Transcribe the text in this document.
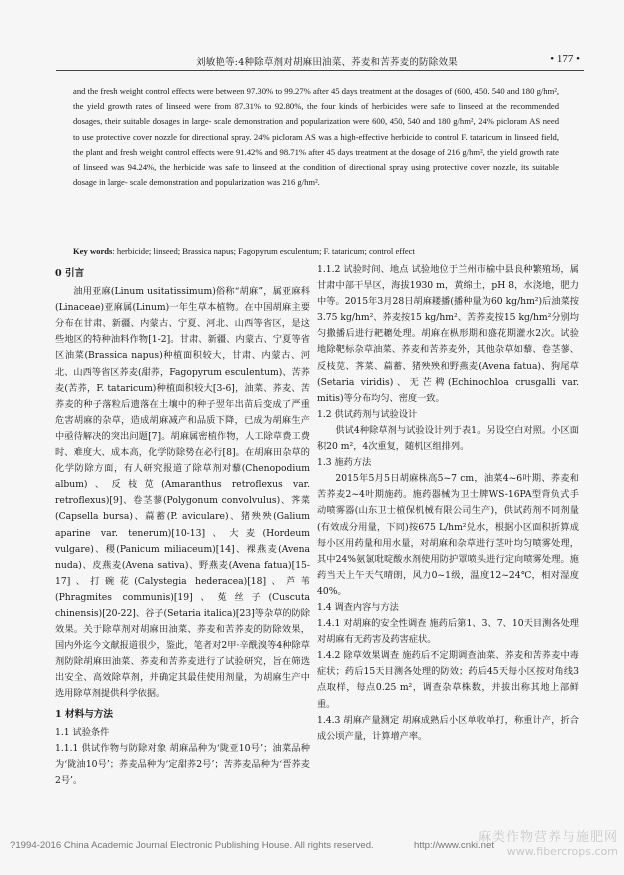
刘敏艳等:4种除草剂对胡麻田油菜、荞麦和苦荞麦的防除效果	• 177 •

and the fresh weight control effects were between 97.30% to 99.27% after 45 days treatment at the dosages of (600, 450. 540 and 180 g/hm², the yield growth rates of linseed were from 87.31% to 92.80%, the four kinds of herbicides were safe to linseed at the recommended dosages, their suitable dosages in large- scale demonstration and popularization were 600, 450, 540 and 180 g/hm², 24% picloram AS need to use protective cover nozzle for directional spray. 24% picloram AS was a high-effective herbicide to control F. tataricum in linseed field, the plant and fresh weight control effects were 91.42% and 98.71% after 45 days treatment at the dosage of 216 g/hm², the yield growth rate of linseed was 94.24%, the herbicide was safe to linseed at the condition of directional spray using protective cover nozzle, its suitable dosage in large- scale demonstration and popularization was 216 g/hm².

Key words: herbicide; linseed; Brassica napus; Fagopyrum esculentum; F. tataricum; control effect

0 引言

油用亚麻(Linum usitatissimum)俗称“胡麻”，属亚麻科(Linaceae)亚麻属(Linum)一年生草本植物。在中国胡麻主要分布在甘肃、新疆、内蒙古、宁夏、河北、山西等省区，是这些地区的特种油料作物[1-2]。甘肃、新疆、内蒙古、宁夏等省区油菜(Brassica napus)种植面积较大，甘肃、内蒙古、河北、山西等省区荞麦(甜荞，Fagopyrum esculentum)、苦荞麦(苦荞，F. tataricum)种植面积较大[3-6]，油菜、荞麦、苦荞麦的种子落粒后遗落在土壤中的种子翌年出苗后变成了严重危害胡麻的杂草，造成胡麻减产和品质下降，已成为胡麻生产中亟待解决的突出问题[7]。胡麻属密植作物，人工除草费工费时、难度大、成本高，化学防除势在必行[8]。在胡麻田杂草的化学防除方面，有人研究报道了除草剂对藜(Chenopodium album)、反枝苋(Amaranthus retroflexus var. retroflexus)[9]、卷茎蓼(Polygonum convolvulus)、荠菜(Capsella bursa)、萹蓄(P. aviculare)、猪殃殃(Galium aparine var. tenerum)[10-13]、大麦(Hordeum vulgare)、稷(Panicum miliaceum)[14]、裸燕麦(Avena nuda)、皮燕麦(Avena sativa)、野燕麦(Avena fatua)[15-17]、打碗花(Calystegia hederacea)[18]、芦苇(Phragmites communis)[19]、菟丝子(Cuscuta chinensis)[20-22]、谷子(Setaria italica)[23]等杂草的防除效果。关于除草剂对胡麻田油菜、荞麦和苦荞麦的防除效果，国内外迄今文献报道很少，鉴此，笔者对2甲·辛酰溴等4种除草剂防除胡麻田油菜、荞麦和苦荞麦进行了试验研究，旨在筛选出安全、高效除草剂，并确定其最佳使用剂量，为胡麻生产中选用除草剂提供科学依据。

1 材料与方法

1.1 试验条件

1.1.1 供试作物与防除对象 胡麻品种为‘陇亚10号’；油菜品种为‘陇油10号’；荞麦品种为‘定甜荞2号’；苦荞麦品种为‘晋荞麦2号’。

1.1.2 试验时间、地点 试验地位于兰州市榆中县良种繁殖场，属甘肃中部干旱区，海拔1930 m，黄绵土，pH 8，水浇地，肥力中等。2015年3月28日胡麻耧播(播种量为60 kg/hm²)后油菜按3.75 kg/hm²、荞麦按15 kg/hm²、苦荞麦按15 kg/hm²分别均匀撒播后进行耙耱处理。胡麻在枞形期和盛花期灌水2次。试验地除靶标杂草油菜、荞麦和苦荞麦外，其他杂草如藜、卷茎蓼、反枝苋、荠菜、萹蓄、猪殃殃和野燕麦(Avena fatua)、狗尾草(Setaria viridis)、无芒稗(Echinochloa crusgalli var. mitis)等分布均匀、密度一致。

1.2 供试药剂与试验设计

供试4种除草剂与试验设计列于表1。另设空白对照。小区面积20 m²，4次重复，随机区组排列。

1.3 施药方法

2015年5月5日胡麻株高5~7 cm，油菜4~6叶期、荞麦和苦荞麦2~4叶期施药。施药器械为卫士牌WS-16PA型背负式手动喷雾器(山东卫士植保机械有限公司生产)，供试药剂不同剂量(有效成分用量，下同)按675 L/hm²兑水，根据小区面积折算成每小区用药量和用水量，对胡麻和杂草进行茎叶均匀喷雾处理，其中24%氨氯吡啶酸水剂使用防护罩喷头进行定向喷雾处理。施药当天上午天气晴朗，风力0~1级，温度12~24℃，相对湿度40%。

1.4 调查内容与方法

1.4.1 对胡麻的安全性调查 施药后第1、3、7、10天目测各处理对胡麻有无药害及药害症状。

1.4.2 除草效果调查 施药后不定期调查油菜、荞麦和苦荞麦中毒症状；药后15天目测各处理的防效；药后45天每小区按对角线3点取样，每点0.25 m²，调查杂草株数，并拔出称其地上部鲜重。

1.4.3 胡麻产量测定 胡麻成熟后小区单收单打，称重计产，折合成公顷产量，计算增产率。

?1994-2016 China Academic Journal Electronic Publishing House. All rights reserved.	http://www.cnki.net
麻类作物营养与施肥网
www.fibercrops.com
